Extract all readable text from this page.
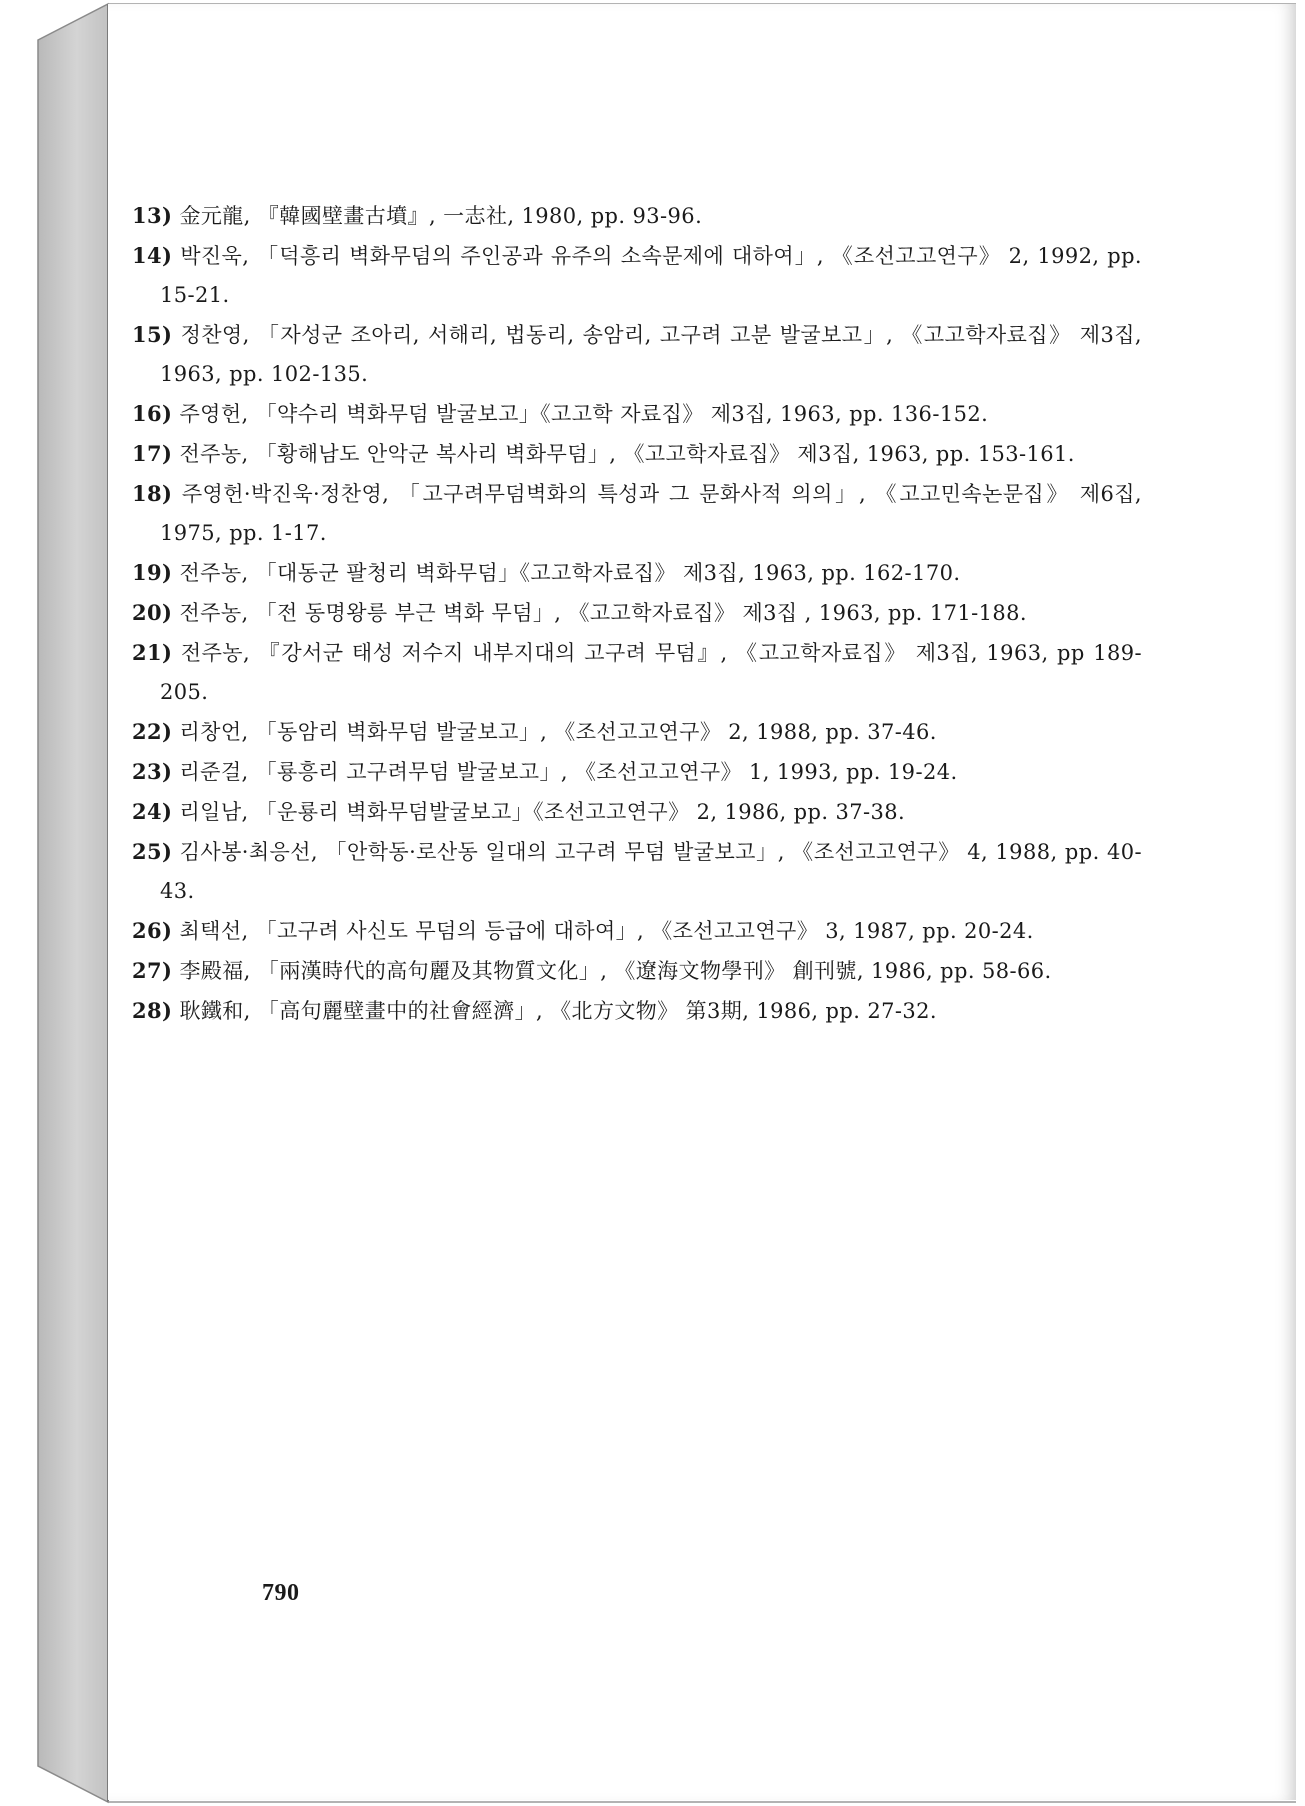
13) 金元龍, 『韓國壁畫古墳』, 一志社, 1980, pp. 93-96.
14) 박진욱, 「덕흥리 벽화무덤의 주인공과 유주의 소속문제에 대하여」, 《조선고고연구》 2, 1992, pp. 15-21.
15) 정찬영, 「자성군 조아리, 서해리, 법동리, 송암리, 고구려 고분 발굴보고」, 《고고학자료집》 제3집, 1963, pp. 102-135.
16) 주영헌, 「약수리 벽화무덤 발굴보고」《고고학 자료집》 제3집, 1963, pp. 136-152.
17) 전주농, 「황해남도 안악군 복사리 벽화무덤」, 《고고학자료집》 제3집, 1963, pp. 153-161.
18) 주영헌·박진욱·정찬영, 「고구려무덤벽화의 특성과 그 문화사적 의의」, 《고고민속논문집》 제6집, 1975, pp. 1-17.
19) 전주농, 「대동군 팔청리 벽화무덤」《고고학자료집》 제3집, 1963, pp. 162-170.
20) 전주농, 「전 동명왕릉 부근 벽화 무덤」, 《고고학자료집》 제3집 , 1963, pp. 171-188.
21) 전주농, 『강서군 태성 저수지 내부지대의 고구려 무덤』, 《고고학자료집》 제3집, 1963, pp 189-205.
22) 리창언, 「동암리 벽화무덤 발굴보고」, 《조선고고연구》 2, 1988, pp. 37-46.
23) 리준걸, 「룡흥리 고구려무덤 발굴보고」, 《조선고고연구》 1, 1993, pp. 19-24.
24) 리일남, 「운룡리 벽화무덤발굴보고」《조선고고연구》 2, 1986, pp. 37-38.
25) 김사봉·최응선, 「안학동·로산동 일대의 고구려 무덤 발굴보고」, 《조선고고연구》 4, 1988, pp. 40-43.
26) 최택선, 「고구려 사신도 무덤의 등급에 대하여」, 《조선고고연구》 3, 1987, pp. 20-24.
27) 李殿福, 「兩漢時代的高句麗及其物質文化」, 《遼海文物學刊》 創刊號, 1986, pp. 58-66.
28) 耿鐵和, 「高句麗壁畫中的社會經濟」, 《北方文物》 第3期, 1986, pp. 27-32.
790
